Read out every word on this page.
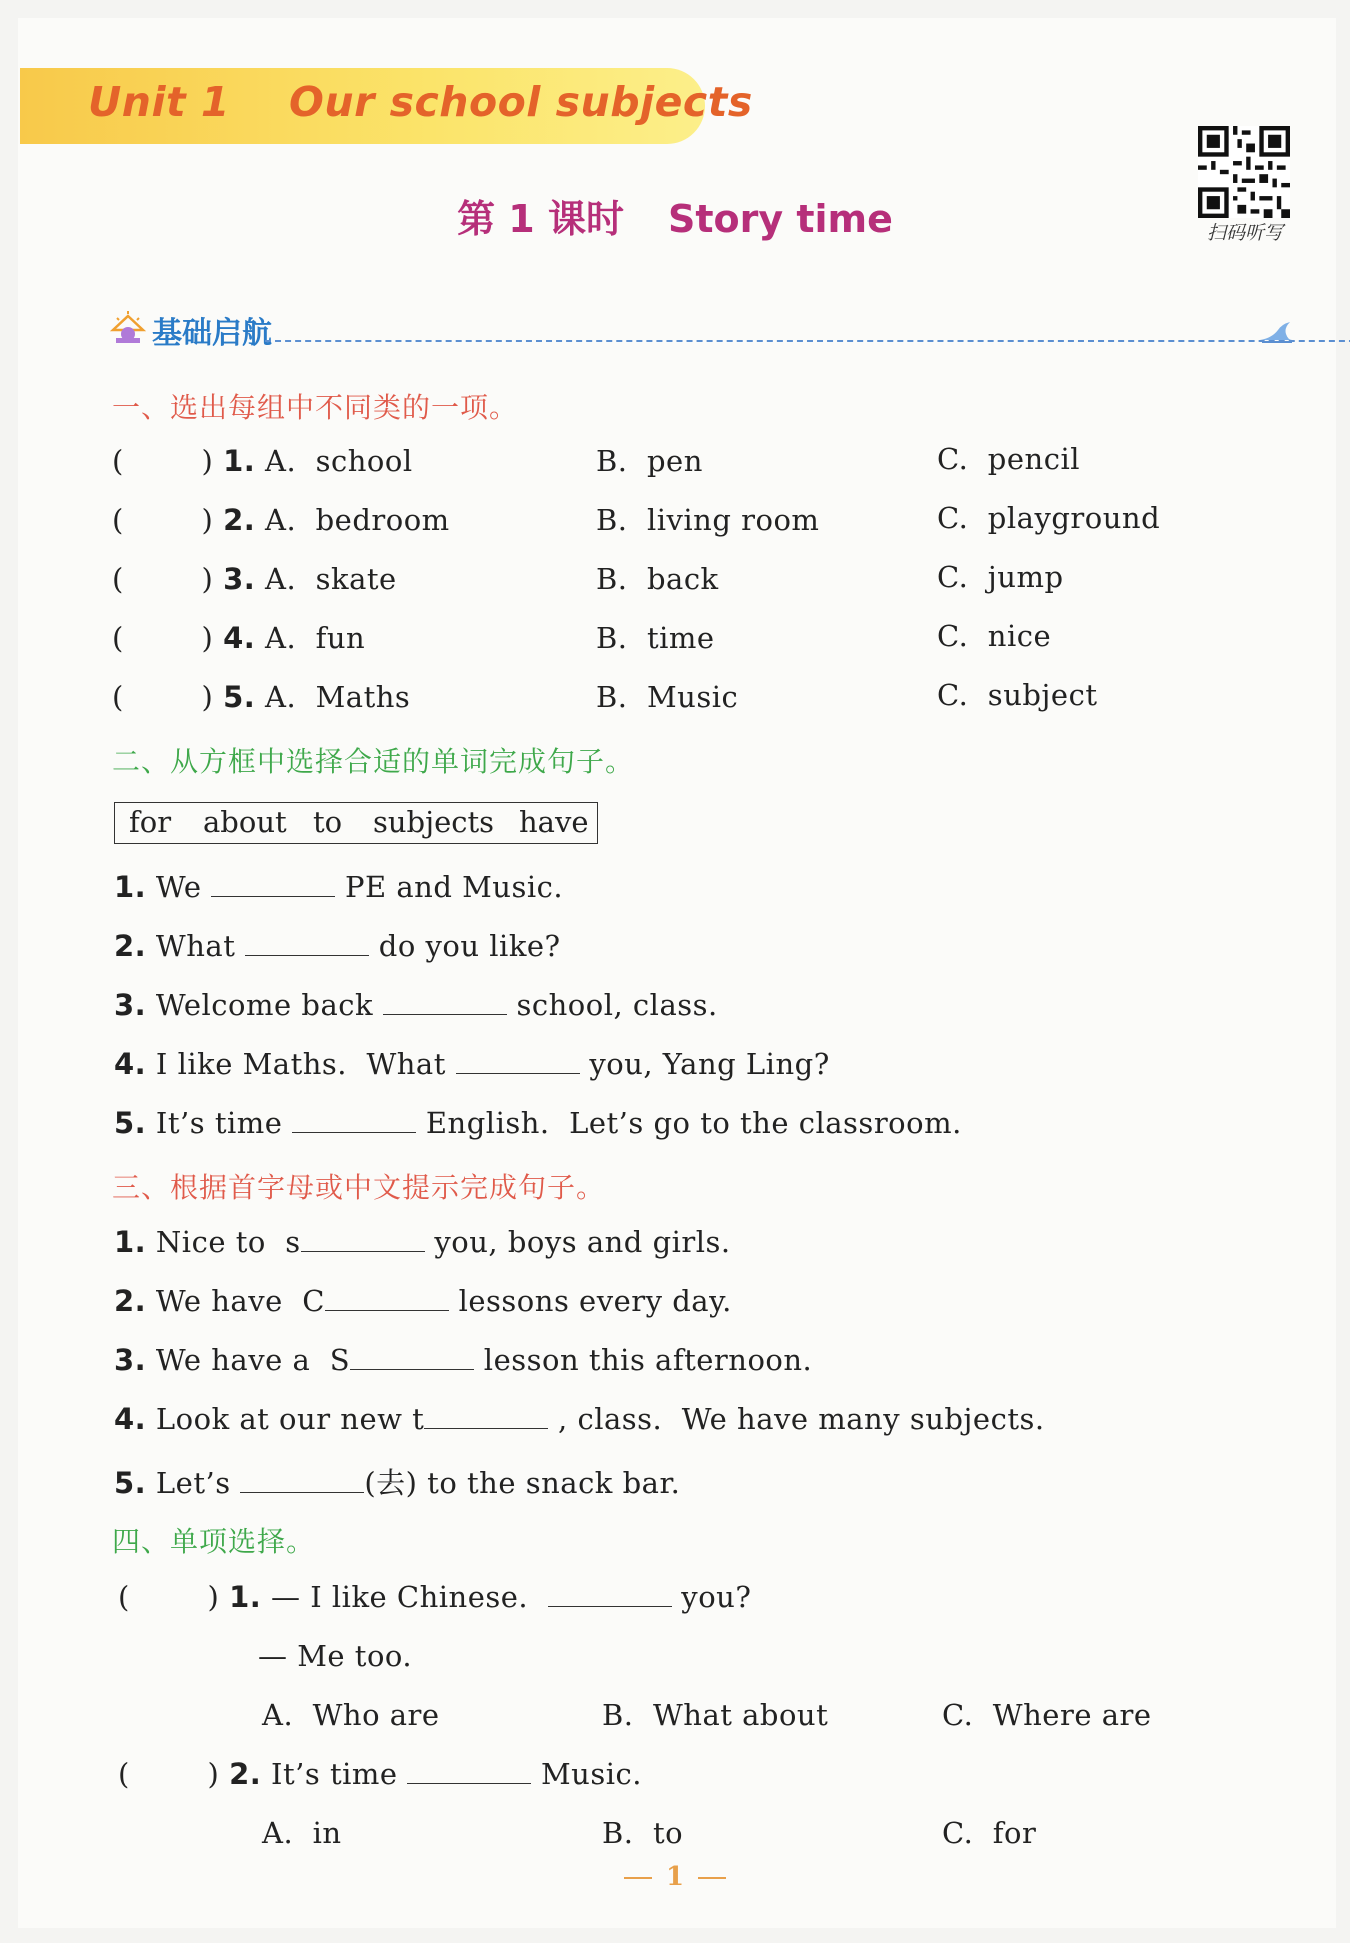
Unit 1    Our school subjects
第 1 课时 Story time	扫码听写
基础启航
一、选出每组中不同类的一项。
(        ) 1. A.  school	B.  pen	C.  pencil
(        ) 2. A.  bedroom	B.  living room	C.  playground
(        ) 3. A.  skate	B.  back	C.  jump
(        ) 4. A.  fun	B.  time	C.  nice
(        ) 5. A.  Maths	B.  Music	C.  subject
二、从方框中选择合适的单词完成句子。
for about to subjects have
1. We	PE and Music.
2. What	do you like?
3. Welcome back	school, class.
4. I like Maths.  What	you, Yang Ling?
5. It’s time	English.  Let’s go to the classroom.
三、根据首字母或中文提示完成句子。
1. Nice to  s	you, boys and girls.
2. We have  C	lessons every day.
3. We have a  S	lesson this afternoon.
4. Look at our new t	, class.  We have many subjects.
5. Let’s	(去) to the snack bar.
四、单项选择。
(        ) 1. — I like Chinese.	you?
— Me too.
A.  Who are	B.  What about	C.  Where are
(        ) 2. It’s time	Music.
A.  in	B.  to	C.  for
1
